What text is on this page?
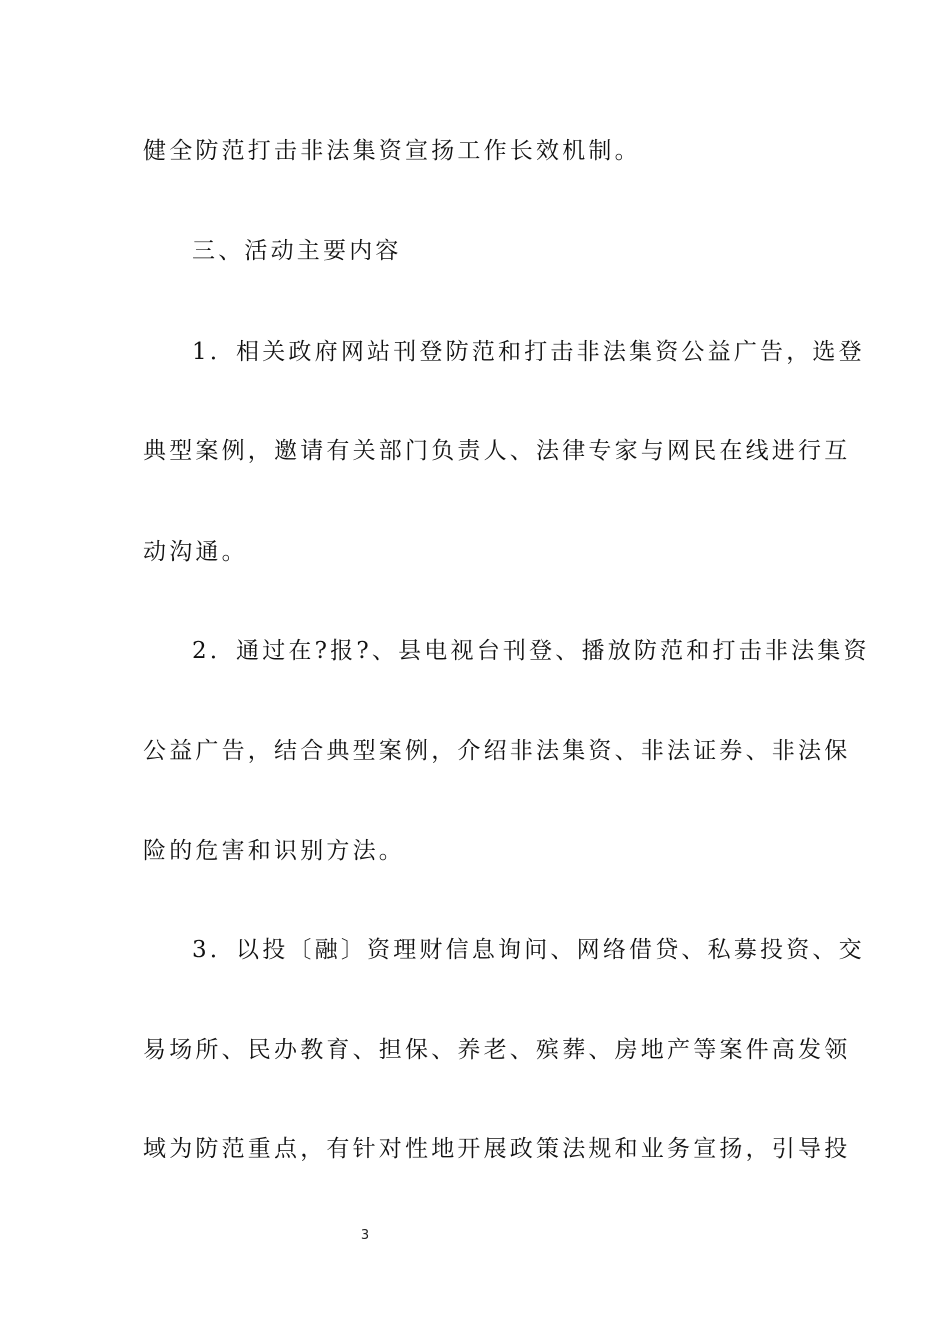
健全防范打击非法集资宣扬工作长效机制。
三、活动主要内容
1．相关政府网站刊登防范和打击非法集资公益广告，选登
典型案例，邀请有关部门负责人、法律专家与网民在线进行互
动沟通。
2．通过在?报?、县电视台刊登、播放防范和打击非法集资
公益广告，结合典型案例，介绍非法集资、非法证券、非法保
险的危害和识别方法。
3．以投〔融〕资理财信息询问、网络借贷、私募投资、交
易场所、民办教育、担保、养老、殡葬、房地产等案件高发领
域为防范重点，有针对性地开展政策法规和业务宣扬，引导投
3
